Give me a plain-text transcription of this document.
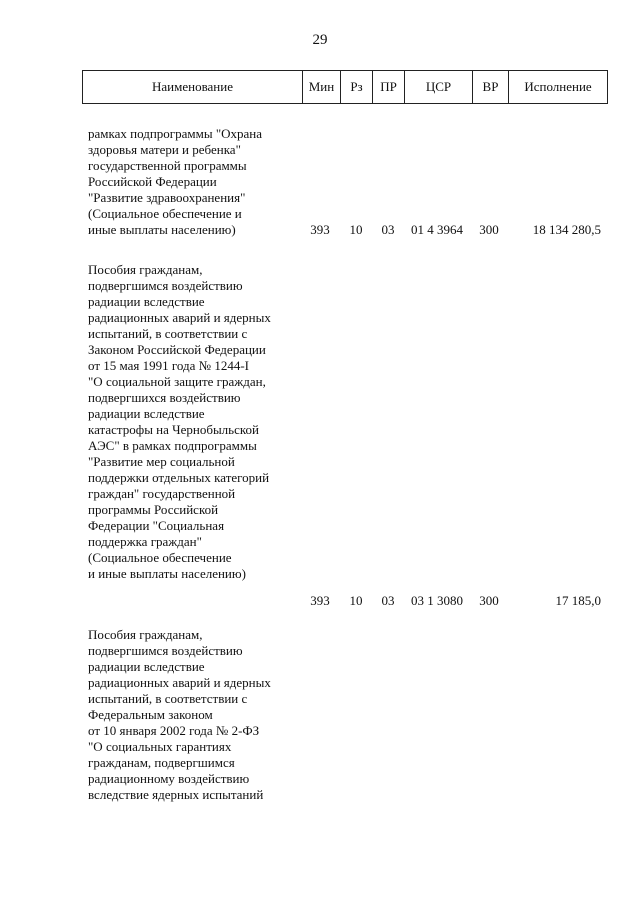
29
Наименование	Мин	Рз	ПР	ЦСР	ВР	Исполнение
рамках подпрограммы "Охрана
здоровья матери и ребенка"
государственной программы
Российской Федерации
"Развитие здравоохранения"
(Социальное обеспечение и
иные выплаты населению)	393	10	03	01 4 3964	300	18 134 280,5
Пособия гражданам,
подвергшимся воздействию
радиации вследствие
радиационных аварий и ядерных
испытаний, в соответствии с
Законом Российской Федерации
от 15 мая 1991 года № 1244-I
"О социальной защите граждан,
подвергшихся воздействию
радиации вследствие
катастрофы на Чернобыльской
АЭС" в рамках подпрограммы
"Развитие мер социальной
поддержки отдельных категорий
граждан" государственной
программы Российской
Федерации "Социальная
поддержка граждан"
(Социальное обеспечение
и иные выплаты населению)
393	10	03	03 1 3080	300	17 185,0
Пособия гражданам,
подвергшимся воздействию
радиации вследствие
радиационных аварий и ядерных
испытаний, в соответствии с
Федеральным законом
от 10 января 2002 года № 2-ФЗ
"О социальных гарантиях
гражданам, подвергшимся
радиационному воздействию
вследствие ядерных испытаний
